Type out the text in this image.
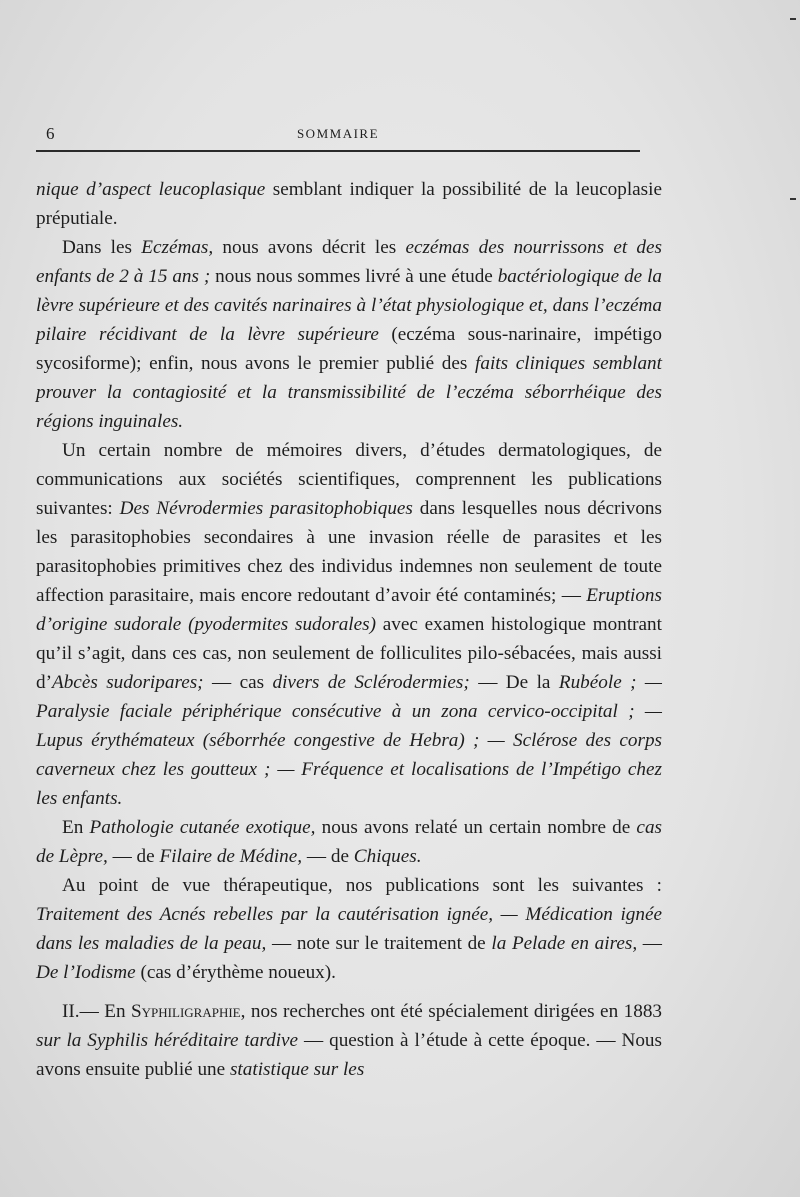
6	SOMMAIRE

nique d’aspect leucoplasique semblant indiquer la possibilité de la leucoplasie préputiale.

Dans les Eczémas, nous avons décrit les eczémas des nourrissons et des enfants de 2 à 15 ans ; nous nous sommes livré à une étude bactériologique de la lèvre supérieure et des cavités narinaires à l’état physiologique et, dans l’eczéma pilaire récidivant de la lèvre supérieure (eczéma sous-narinaire, impétigo sycosiforme); enfin, nous avons le premier publié des faits cliniques semblant prouver la contagiosité et la transmissibilité de l’eczéma séborrhéique des régions inguinales.

Un certain nombre de mémoires divers, d’études dermatologiques, de communications aux sociétés scientifiques, comprennent les publications suivantes: Des Névrodermies parasitophobiques dans lesquelles nous décrivons les parasitophobies secondaires à une invasion réelle de parasites et les parasitophobies primitives chez des individus indemnes non seulement de toute affection parasitaire, mais encore redoutant d’avoir été contaminés; — Eruptions d’origine sudorale (pyodermites sudorales) avec examen histologique montrant qu’il s’agit, dans ces cas, non seulement de folliculites pilo-sébacées, mais aussi d’Abcès sudoripares; — cas divers de Sclérodermies; — De la Rubéole ; — Paralysie faciale périphérique consécutive à un zona cervico-occipital ; — Lupus érythémateux (séborrhée congestive de Hebra) ; — Sclérose des corps caverneux chez les goutteux ; — Fréquence et localisations de l’Impétigo chez les enfants.

En Pathologie cutanée exotique, nous avons relaté un certain nombre de cas de Lèpre, — de Filaire de Médine, — de Chiques.

Au point de vue thérapeutique, nos publications sont les suivantes : Traitement des Acnés rebelles par la cautérisation ignée, — Médication ignée dans les maladies de la peau, — note sur le traitement de la Pelade en aires, — De l’Iodisme (cas d’érythème noueux).

II.— En Syphiligraphie, nos recherches ont été spécialement dirigées en 1883 sur la Syphilis héréditaire tardive — question à l’étude à cette époque. — Nous avons ensuite publié une statistique sur les
